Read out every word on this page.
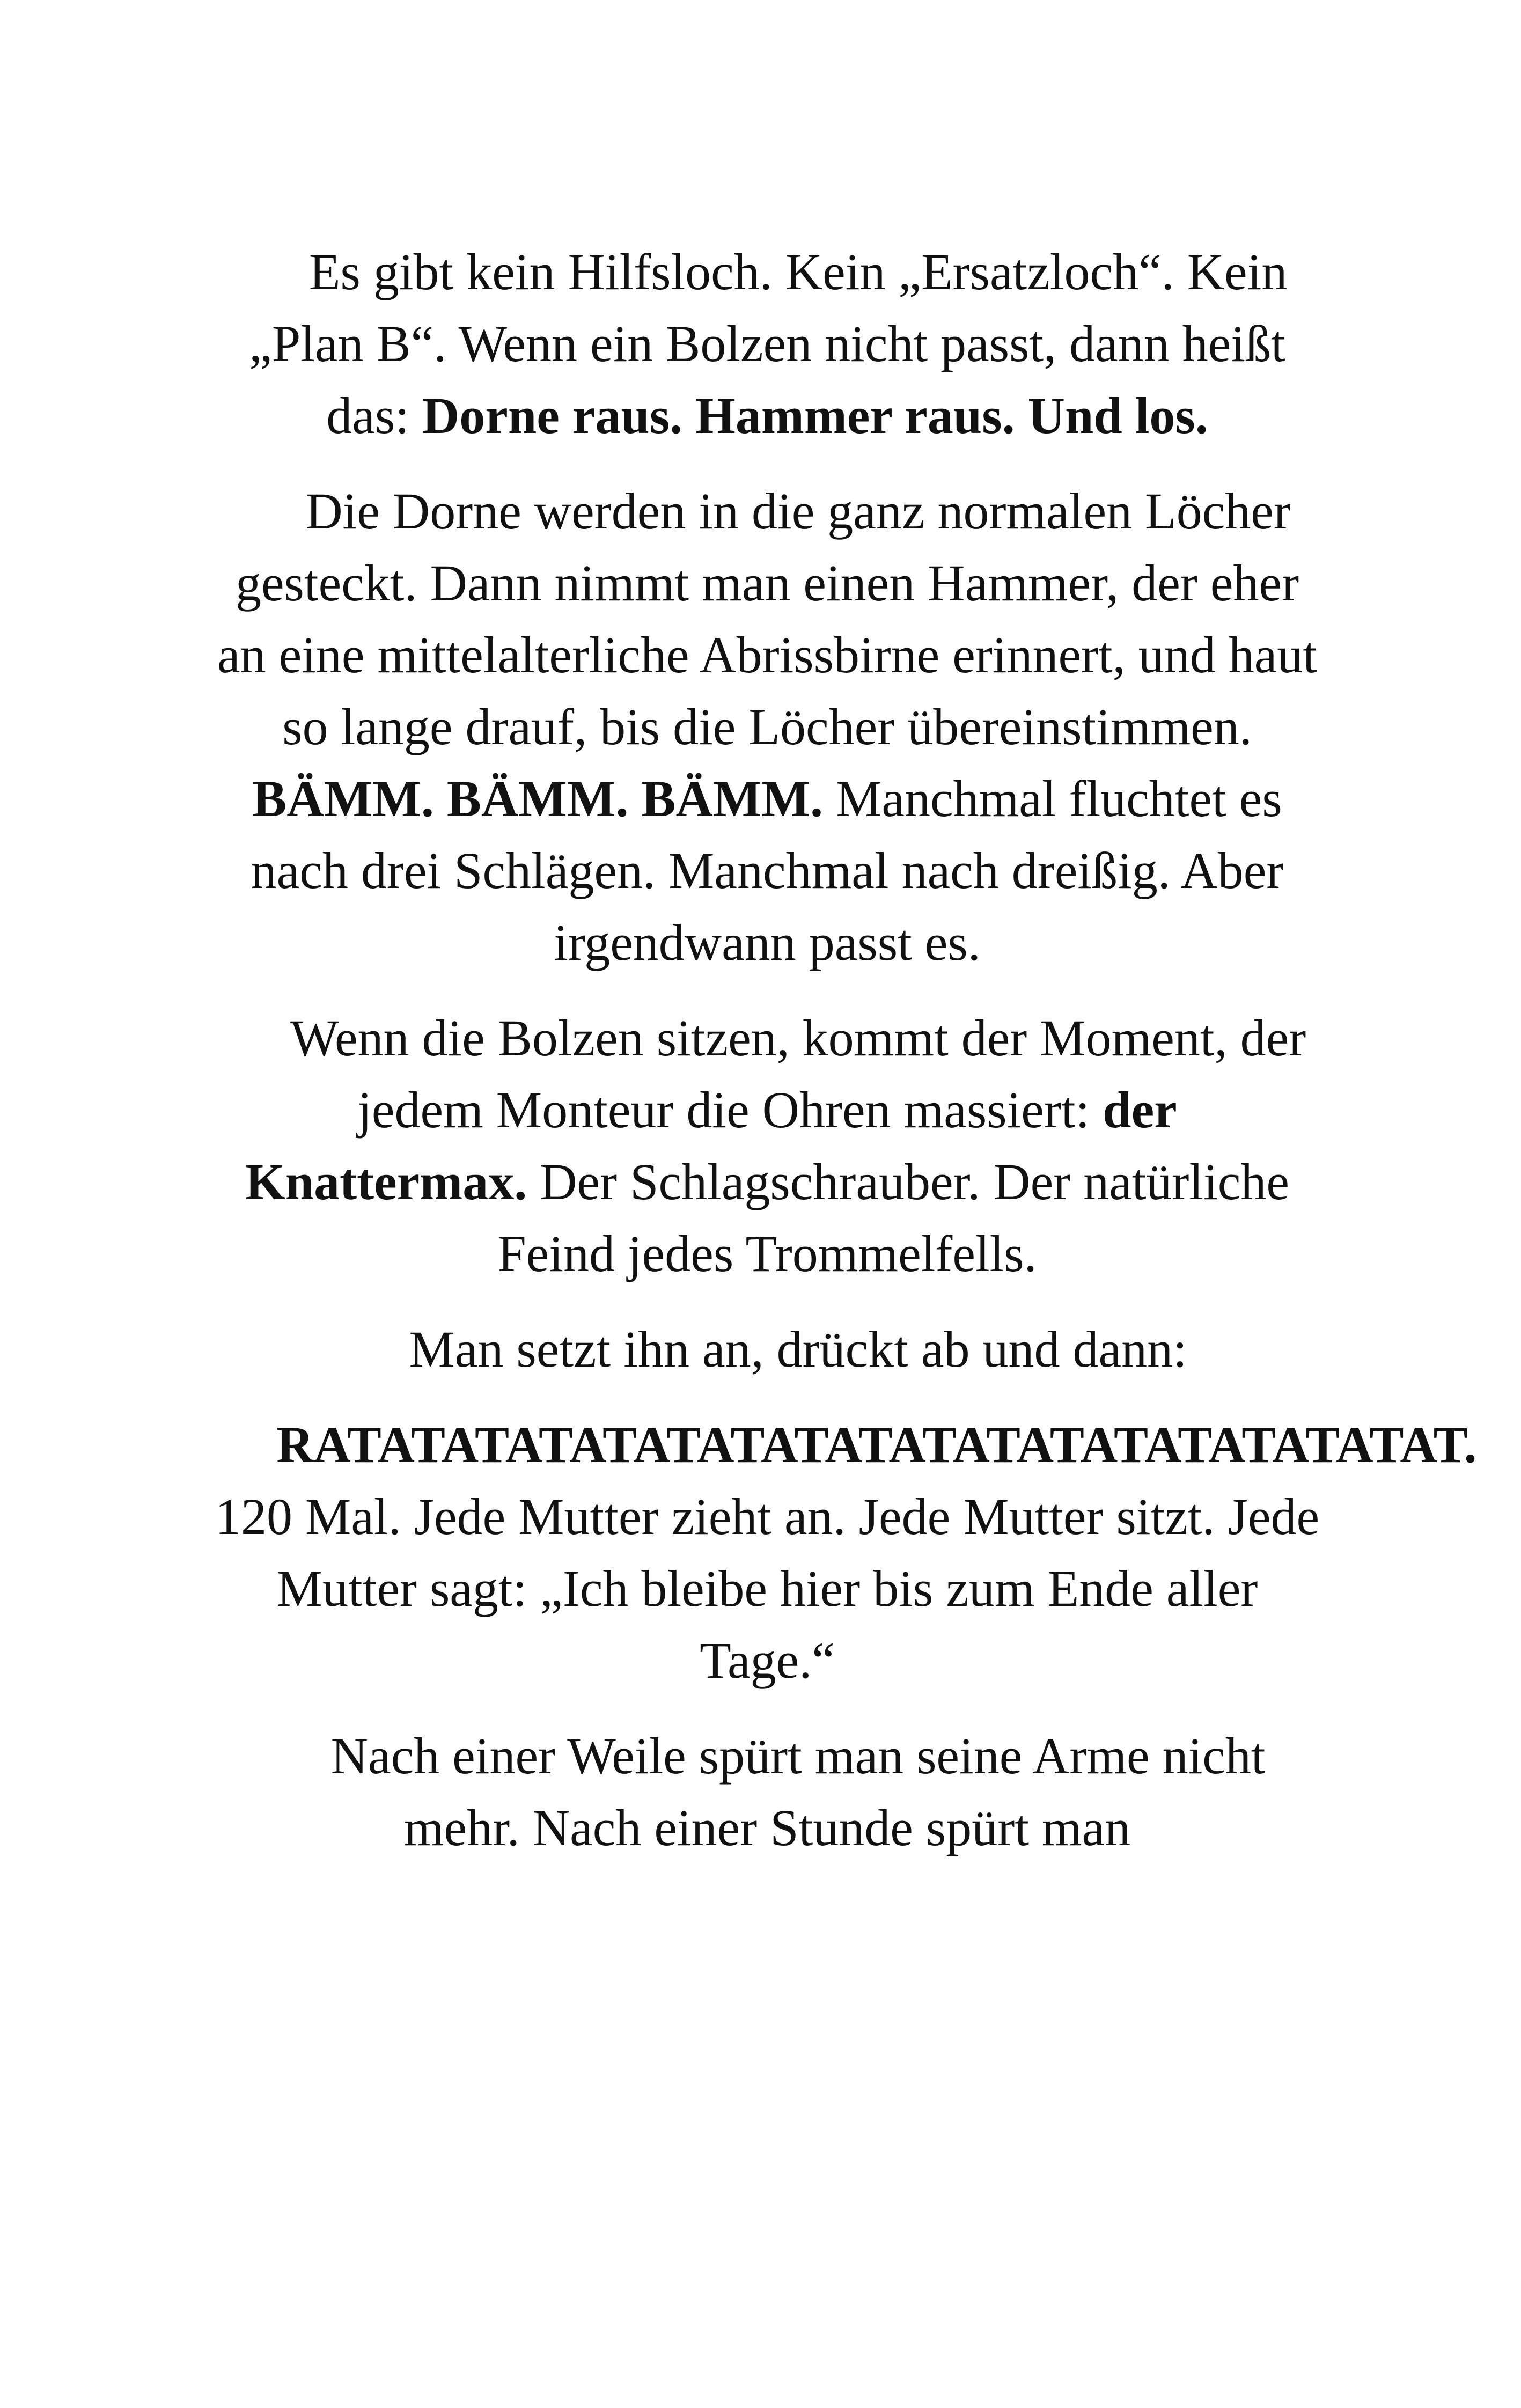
Es gibt kein Hilfsloch. Kein „Ersatzloch“. Kein „Plan B“. Wenn ein Bolzen nicht passt, dann heißt das: Dorne raus. Hammer raus. Und los.

Die Dorne werden in die ganz normalen Löcher gesteckt. Dann nimmt man einen Hammer, der eher an eine mittelalterliche Abrissbirne erinnert, und haut so lange drauf, bis die Löcher übereinstimmen. BÄMM. BÄMM. BÄMM. Manchmal fluchtet es nach drei Schlägen. Manchmal nach dreißig. Aber irgendwann passt es.

Wenn die Bolzen sitzen, kommt der Moment, der jedem Monteur die Ohren massiert: der Knattermax. Der Schlagschrauber. Der natürliche Feind jedes Trommelfells.

Man setzt ihn an, drückt ab und dann:

RATATATATATATATATATATATATATATATATATAT. 120 Mal. Jede Mutter zieht an. Jede Mutter sitzt. Jede Mutter sagt: „Ich bleibe hier bis zum Ende aller Tage.“

Nach einer Weile spürt man seine Arme nicht mehr. Nach einer Stunde spürt man
